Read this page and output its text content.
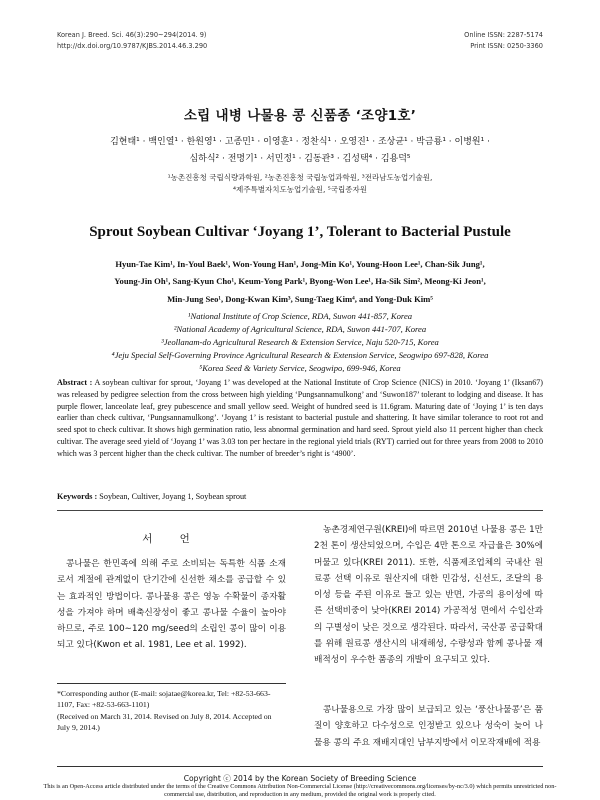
Korean J. Breed. Sci. 46(3):290~294(2014. 9)
http://dx.doi.org/10.9787/KJBS.2014.46.3.290
Online ISSN: 2287-5174
Print ISSN: 0250-3360
소립 내병 나물용 콩 신품종 ‘조양1호’
김현태¹ · 백인열¹ · 한원영¹ · 고종민¹ · 이영훈¹ · 정찬식¹ · 오영진¹ · 조상균¹ · 박금룡¹ · 이병원¹ ·
심하식² · 전명기¹ · 서민정¹ · 김동관³ · 김성택⁴ · 김용덕⁵
¹농촌진흥청 국립식량과학원, ²농촌진흥청 국립농업과학원, ³전라남도농업기술원,
⁴제주특별자치도농업기술원, ⁵국립종자원
Sprout Soybean Cultivar ‘Joyang 1’, Tolerant to Bacterial Pustule
Hyun-Tae Kim¹, In-Youl Baek¹, Won-Young Han¹, Jong-Min Ko¹, Young-Hoon Lee¹, Chan-Sik Jung¹,
Young-Jin Oh¹, Sang-Kyun Cho¹, Keum-Yong Park¹, Byong-Won Lee¹, Ha-Sik Sim², Meong-Ki Jeon¹,
Min-Jung Seo¹, Dong-Kwan Kim³, Sung-Taeg Kim⁴, and Yong-Duk Kim⁵
¹National Institute of Crop Science, RDA, Suwon 441-857, Korea
²National Academy of Agricultural Science, RDA, Suwon 441-707, Korea
³Jeollanam-do Agricultural Research & Extension Service, Naju 520-715, Korea
⁴Jeju Special Self-Governing Province Agricultural Research & Extension Service, Seogwipo 697-828, Korea
⁵Korea Seed & Variety Service, Seogwipo, 699-946, Korea
Abstract : A soybean cultivar for sprout, ‘Joyang 1’ was developed at the National Institute of Crop Science (NICS) in 2010. ‘Joyang 1’ (Iksan67) was released by pedigree selection from the cross between high yielding ‘Pungsannamulkong’ and ‘Suwon187’ tolerant to lodging and disease. It has purple flower, lanceolate leaf, grey pubescence and small yellow seed. Weight of hundred seed is 11.6gram. Maturing date of ‘Joying 1’ is ten days earlier than check cultivar, ‘Pungsannamulkong’. ‘Joyang 1’ is resistant to bacterial pustule and shattering. It have similar tolerance to root rot and seed spot to check cultivar. It shows high germination ratio, less abnormal germination and hard seed. Sprout yield also 11 percent higher than check cultivar. The average seed yield of ‘Joyang 1’ was 3.03 ton per hectare in the regional yield trials (RYT) carried out for three years from 2008 to 2010 which was 3 percent higher than the check cultivar. The number of breeder’s right is ‘4900’.
Keywords : Soybean, Cultiver, Joyang 1, Soybean sprout
서 언
콩나물은 한민족에 의해 주로 소비되는 독특한 식품 소재로서 계절에 관계없이 단기간에 신선한 채소를 공급할 수 있는 효과적인 방법이다. 콩나물용 콩은 영농 수확물이 종자활성을 가져야 하며 배축신장성이 좋고 콩나물 수율이 높아야 하므로, 주로 100∼120 mg/seed의 소립인 콩이 많이 이용되고 있다(Kwon et al. 1981, Lee et al. 1992).
*Corresponding author (E-mail: sojatae@korea.kr, Tel: +82-53-663-1107, Fax: +82-53-663-1101)
(Received on March 31, 2014. Revised on July 8, 2014. Accepted on July 9, 2014.)
농촌경제연구원(KREI)에 따르면 2010년 나물용 콩은 1만 2천 톤이 생산되었으며, 수입은 4만 톤으로 자급율은 30%에 머물고 있다(KREI 2011). 또한, 식품제조업체의 국내산 원료콩 선택 이유로 원산지에 대한 민감성, 신선도, 조달의 용이성 등을 주된 이유로 들고 있는 반면, 가공의 용이성에 따른 선택비중이 낮아(KREI 2014) 가공적성 면에서 수입산과의 구별성이 낮은 것으로 생각된다. 따라서, 국산콩 공급확대를 위해 원료콩 생산시의 내재해성, 수량성과 함께 콩나물 재배적성이 우수한 품종의 개발이 요구되고 있다.
콩나물용으로 가장 많이 보급되고 있는 ‘풍산나물콩’은 품질이 양호하고 다수성으로 인정받고 있으나 성숙이 늦어 나물용 콩의 주요 재배지대인 남부지방에서 이모작재배에 적용
Copyright ⓒ 2014 by the Korean Society of Breeding Science
This is an Open-Access article distributed under the terms of the Creative Commons Attribution Non-Commercial License (http://creativecommons.org/licenses/by-nc/3.0) which permits unrestricted non-commercial use, distribution, and reproduction in any medium, provided the original work is properly cited.
